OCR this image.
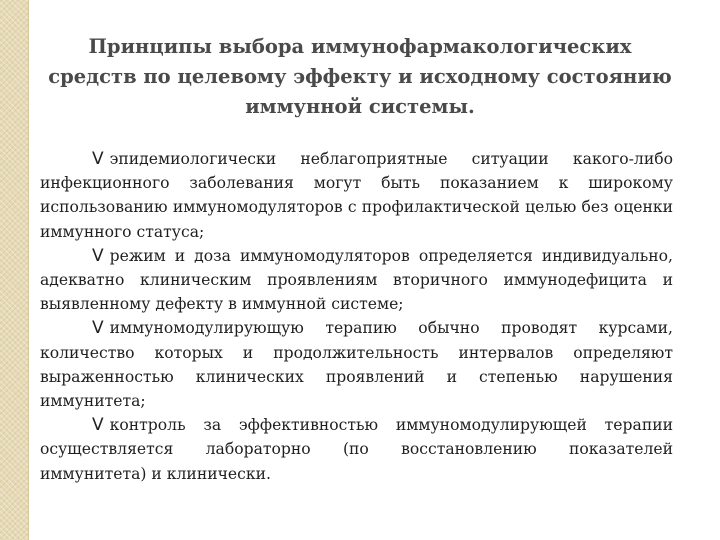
Принципы выбора иммунофармакологических
средств по целевому эффекту и исходному состоянию
иммунной системы.

V эпидемиологически неблагоприятные ситуации какого-либо инфекционного заболевания могут быть показанием к широкому использованию иммуномодуляторов с профилактической целью без оценки иммунного статуса;

V режим и доза иммуномодуляторов определяется индивидуально, адекватно клиническим проявлениям вторичного иммунодефицита и выявленному дефекту в иммунной системе;

V иммуномодулирующую терапию обычно проводят курсами, количество которых и продолжительность интервалов определяют выраженностью клинических проявлений и степенью нарушения иммунитета;

V контроль за эффективностью иммуномодулирующей терапии осуществляется лабораторно (по восстановлению показателей иммунитета) и клинически.
